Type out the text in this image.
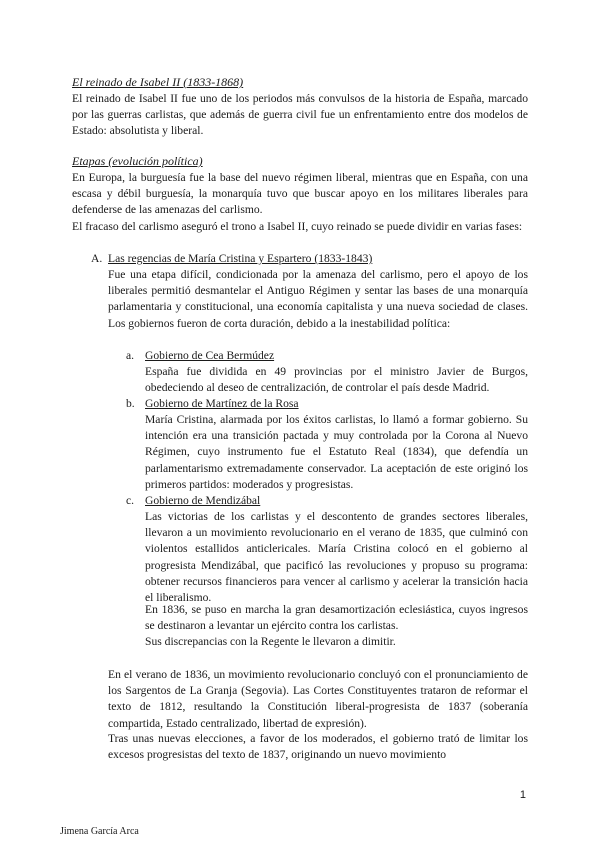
El reinado de Isabel II (1833-1868)

El reinado de Isabel II fue uno de los periodos más convulsos de la historia de España, marcado por las guerras carlistas, que además de guerra civil fue un enfrentamiento entre dos modelos de Estado: absolutista y liberal.

Etapas (evolución política)

En Europa, la burguesía fue la base del nuevo régimen liberal, mientras que en España, con una escasa y débil burguesía, la monarquía tuvo que buscar apoyo en los militares liberales para defenderse de las amenazas del carlismo.

El fracaso del carlismo aseguró el trono a Isabel II, cuyo reinado se puede dividir en varias fases:

A. Las regencias de María Cristina y Espartero (1833-1843)

Fue una etapa difícil, condicionada por la amenaza del carlismo, pero el apoyo de los liberales permitió desmantelar el Antiguo Régimen y sentar las bases de una monarquía parlamentaria y constitucional, una economía capitalista y una nueva sociedad de clases. Los gobiernos fueron de corta duración, debido a la inestabilidad política:

a. Gobierno de Cea Bermúdez

España fue dividida en 49 provincias por el ministro Javier de Burgos, obedeciendo al deseo de centralización, de controlar el país desde Madrid.

b. Gobierno de Martínez de la Rosa

María Cristina, alarmada por los éxitos carlistas, lo llamó a formar gobierno. Su intención era una transición pactada y muy controlada por la Corona al Nuevo Régimen, cuyo instrumento fue el Estatuto Real (1834), que defendía un parlamentarismo extremadamente conservador. La aceptación de este originó los primeros partidos: moderados y progresistas.

c. Gobierno de Mendizábal

Las victorias de los carlistas y el descontento de grandes sectores liberales, llevaron a un movimiento revolucionario en el verano de 1835, que culminó con violentos estallidos anticlericales. María Cristina colocó en el gobierno al progresista Mendizábal, que pacificó las revoluciones y propuso su programa: obtener recursos financieros para vencer al carlismo y acelerar la transición hacia el liberalismo.

En 1836, se puso en marcha la gran desamortización eclesiástica, cuyos ingresos se destinaron a levantar un ejército contra los carlistas.

Sus discrepancias con la Regente le llevaron a dimitir.

En el verano de 1836, un movimiento revolucionario concluyó con el pronunciamiento de los Sargentos de La Granja (Segovia). Las Cortes Constituyentes trataron de reformar el texto de 1812, resultando la Constitución liberal-progresista de 1837 (soberanía compartida, Estado centralizado, libertad de expresión).

Tras unas nuevas elecciones, a favor de los moderados, el gobierno trató de limitar los excesos progresistas del texto de 1837, originando un nuevo movimiento

1
Jimena García Arca
